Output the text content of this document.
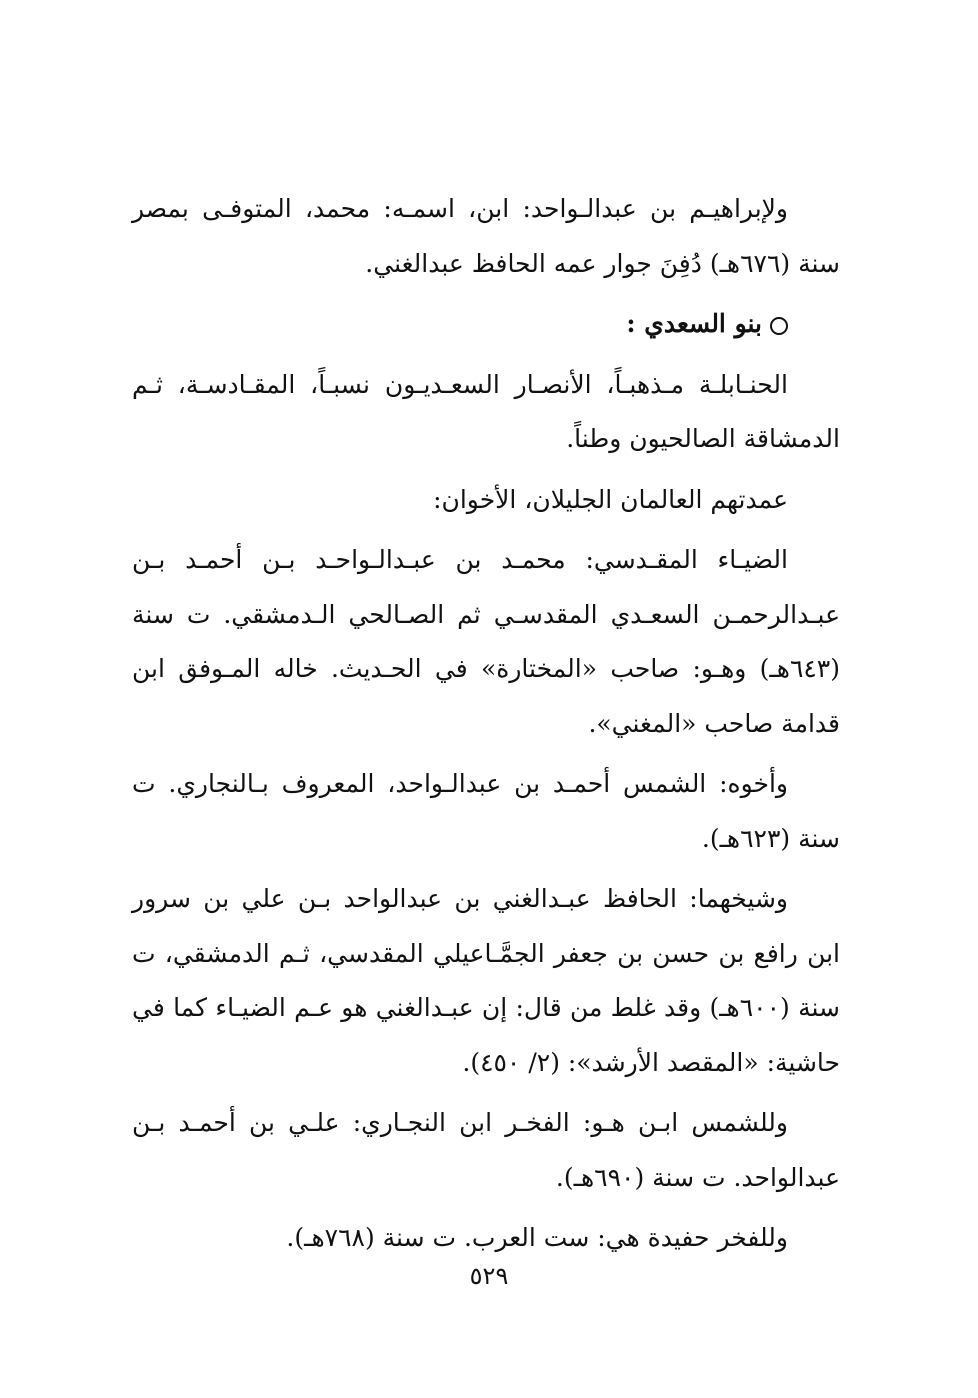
ولإبراهيـم بن عبدالـواحد: ابن، اسمـه: محمد، المتوفـى بمصر سنة (٦٧٦هـ) دُفِنَ جوار عمه الحافظ عبدالغني.

بنو السعدي :

الحنـابلـة مـذهبـاً، الأنصـار السعـديـون نسبـاً، المقـادسـة، ثـم الدمشاقة الصالحيون وطناً.

عمدتهم العالمان الجليلان، الأخوان:

الضيـاء المقـدسي: محمـد بن عبـدالـواحـد بـن أحمـد بـن عبـدالرحمـن السعـدي المقدسـي ثم الصـالحي الـدمشقي. ت سنة (٦٤٣هـ) وهـو: صاحب «المختارة» في الحـديث. خاله المـوفق ابن قدامة صاحب «المغني».

وأخوه: الشمس أحمـد بن عبدالـواحد، المعروف بـالنجاري. ت سنة (٦٢٣هـ).

وشيخهما: الحافظ عبـدالغني بن عبدالواحد بـن علي بن سرور ابن رافع بن حسن بن جعفر الجمَّـاعيلي المقدسي، ثـم الدمشقي، ت سنة (٦٠٠هـ) وقد غلط من قال: إن عبـدالغني هو عـم الضيـاء كما في حاشية: «المقصد الأرشد»: (٢/ ٤٥٠).

وللشمس ابـن هـو: الفخـر ابن النجـاري: علـي بن أحمـد بـن عبدالواحد. ت سنة (٦٩٠هـ).

وللفخر حفيدة هي: ست العرب. ت سنة (٧٦٨هـ).

٥٢٩
